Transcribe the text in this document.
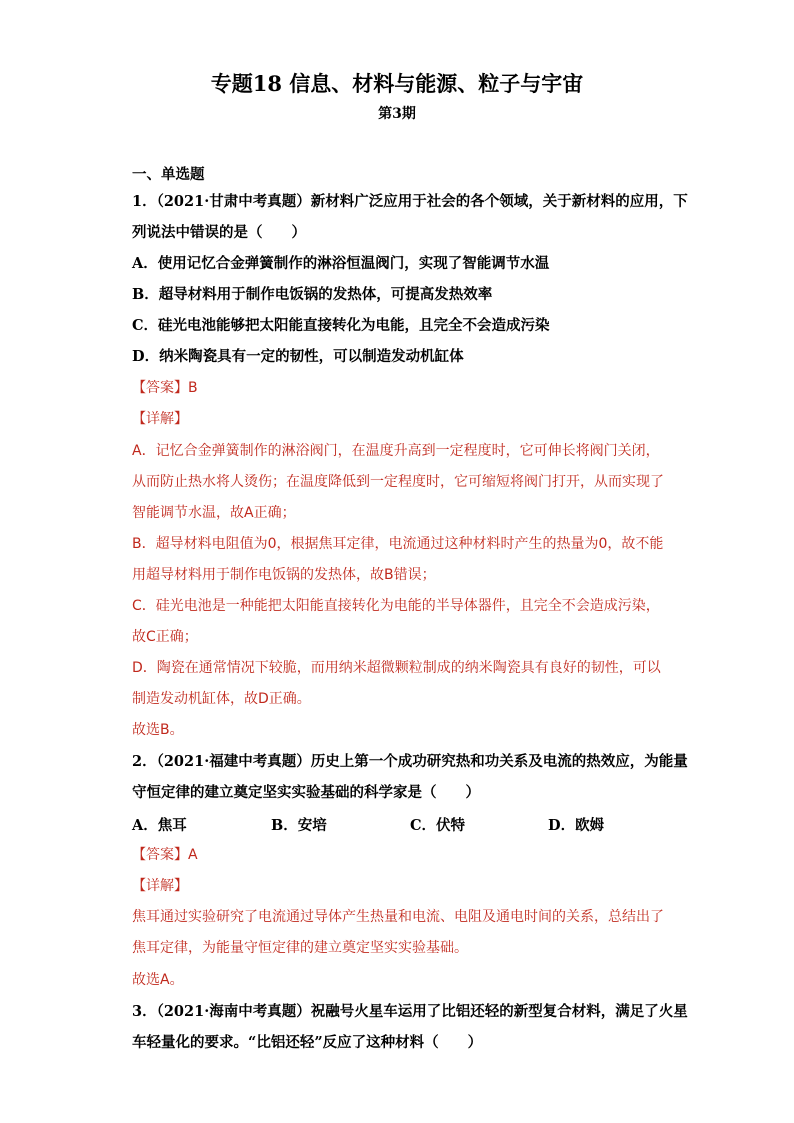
专题18 信息、材料与能源、粒子与宇宙
第3期
一、单选题
1．（2021·甘肃中考真题）新材料广泛应用于社会的各个领域，关于新材料的应用，下
列说法中错误的是（　　）
A．使用记忆合金弹簧制作的淋浴恒温阀门，实现了智能调节水温
B．超导材料用于制作电饭锅的发热体，可提高发热效率
C．硅光电池能够把太阳能直接转化为电能，且完全不会造成污染
D．纳米陶瓷具有一定的韧性，可以制造发动机缸体
【答案】B
【详解】
A．记忆合金弹簧制作的淋浴阀门，在温度升高到一定程度时，它可伸长将阀门关闭，
从而防止热水将人烫伤；在温度降低到一定程度时，它可缩短将阀门打开，从而实现了
智能调节水温，故A正确；
B．超导材料电阻值为0，根据焦耳定律，电流通过这种材料时产生的热量为0，故不能
用超导材料用于制作电饭锅的发热体，故B错误；
C．硅光电池是一种能把太阳能直接转化为电能的半导体器件，且完全不会造成污染，
故C正确；
D．陶瓷在通常情况下较脆，而用纳米超微颗粒制成的纳米陶瓷具有良好的韧性，可以
制造发动机缸体，故D正确。
故选B。
2．（2021·福建中考真题）历史上第一个成功研究热和功关系及电流的热效应，为能量
守恒定律的建立奠定坚实实验基础的科学家是（　　）
A．焦耳	B．安培	C．伏特	D．欧姆
【答案】A
【详解】
焦耳通过实验研究了电流通过导体产生热量和电流、电阻及通电时间的关系，总结出了
焦耳定律，为能量守恒定律的建立奠定坚实实验基础。
故选A。
3．（2021·海南中考真题）祝融号火星车运用了比铝还轻的新型复合材料，满足了火星
车轻量化的要求。“比铝还轻”反应了这种材料（　　）
